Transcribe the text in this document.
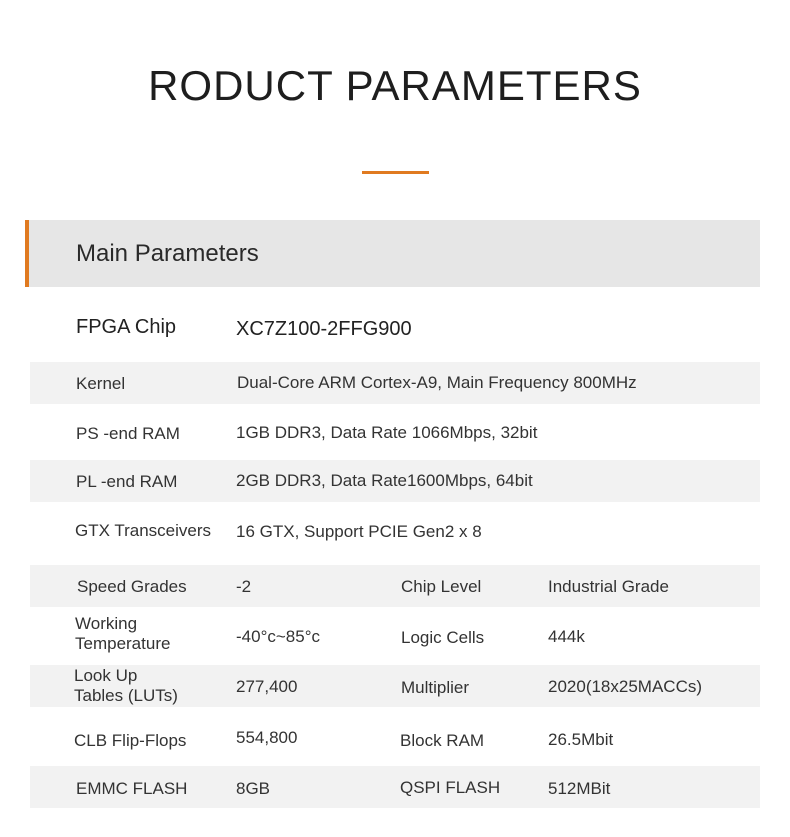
RODUCT PARAMETERS
Main Parameters
FPGA Chip	XC7Z100-2FFG900
Kernel	Dual-Core ARM Cortex-A9, Main Frequency 800MHz
PS -end RAM	1GB DDR3, Data Rate 1066Mbps, 32bit
PL -end RAM	2GB DDR3, Data Rate1600Mbps, 64bit
GTX Transceivers 16 GTX, Support PCIE Gen2 x 8
Speed Grades	-2	Chip Level	Industrial Grade
Working
Temperature	-40°c~85°c	Logic Cells	444k
Look Up
Tables (LUTs)	277,400	Multiplier	2020(18x25MACCs)
CLB Flip-Flops	554,800	Block RAM	26.5Mbit
EMMC FLASH	8GB	QSPI FLASH	512MBit
